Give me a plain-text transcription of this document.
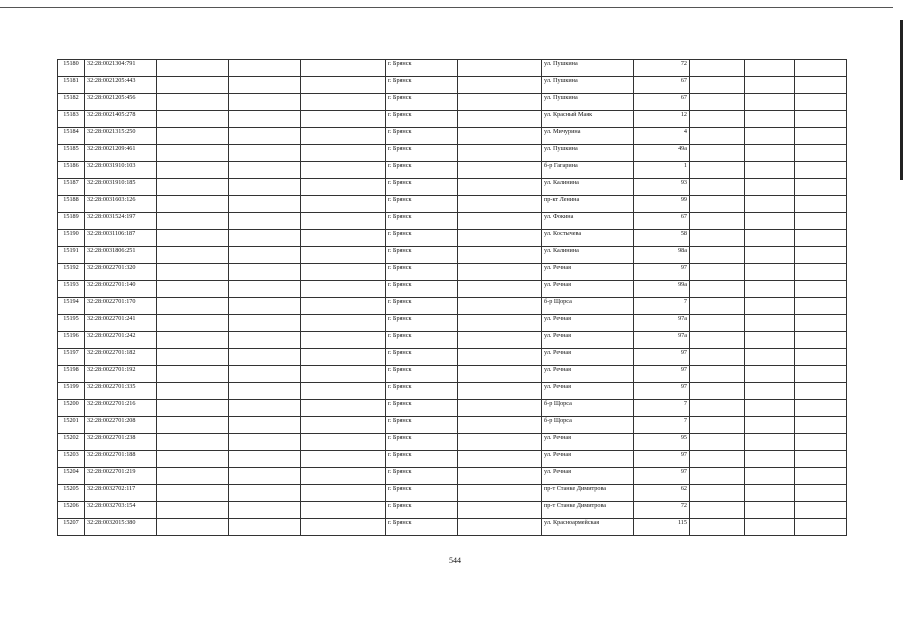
15180	32:28:0021304:791				г. Брянск		ул. Пушкина	72			
15181	32:28:0021205:443				г. Брянск		ул. Пушкина	67			
15182	32:28:0021205:456				г. Брянск		ул. Пушкина	67			
15183	32:28:0021405:278				г. Брянск		ул. Красный Маяк	12			
15184	32:28:0021315:250				г. Брянск		ул. Мичурина	4			
15185	32:28:0021209:461				г. Брянск		ул. Пушкина	49а			
15186	32:28:0031910:103				г. Брянск		б-р Гагарина	1			
15187	32:28:0031910:185				г. Брянск		ул. Калинина	93			
15188	32:28:0031603:126				г. Брянск		пр-кт Ленина	99			
15189	32:28:0031524:197				г. Брянск		ул. Фокина	67			
15190	32:28:0031106:187				г. Брянск		ул. Костычева	58			
15191	32:28:0031806:251				г. Брянск		ул. Калинина	98а			
15192	32:28:0022701:320				г. Брянск		ул. Речная	97			
15193	32:28:0022701:140				г. Брянск		ул. Речная	99а			
15194	32:28:0022701:170				г. Брянск		б-р Щорса	7			
15195	32:28:0022701:241				г. Брянск		ул. Речная	97а			
15196	32:28:0022701:242				г. Брянск		ул. Речная	97а			
15197	32:28:0022701:182				г. Брянск		ул. Речная	97			
15198	32:28:0022701:192				г. Брянск		ул. Речная	97			
15199	32:28:0022701:335				г. Брянск		ул. Речная	97			
15200	32:28:0022701:216				г. Брянск		б-р Щорса	7			
15201	32:28:0022701:208				г. Брянск		б-р Щорса	7			
15202	32:28:0022701:238				г. Брянск		ул. Речная	95			
15203	32:28:0022701:188				г. Брянск		ул. Речная	97			
15204	32:28:0022701:219				г. Брянск		ул. Речная	97			
15205	32:28:0032702:117				г. Брянск		пр-т Станке Димитрова	62			
15206	32:28:0032703:154				г. Брянск		пр-т Станке Димитрова	72			
15207	32:28:0032015:380				г. Брянск		ул. Красноармейская	115			
544
